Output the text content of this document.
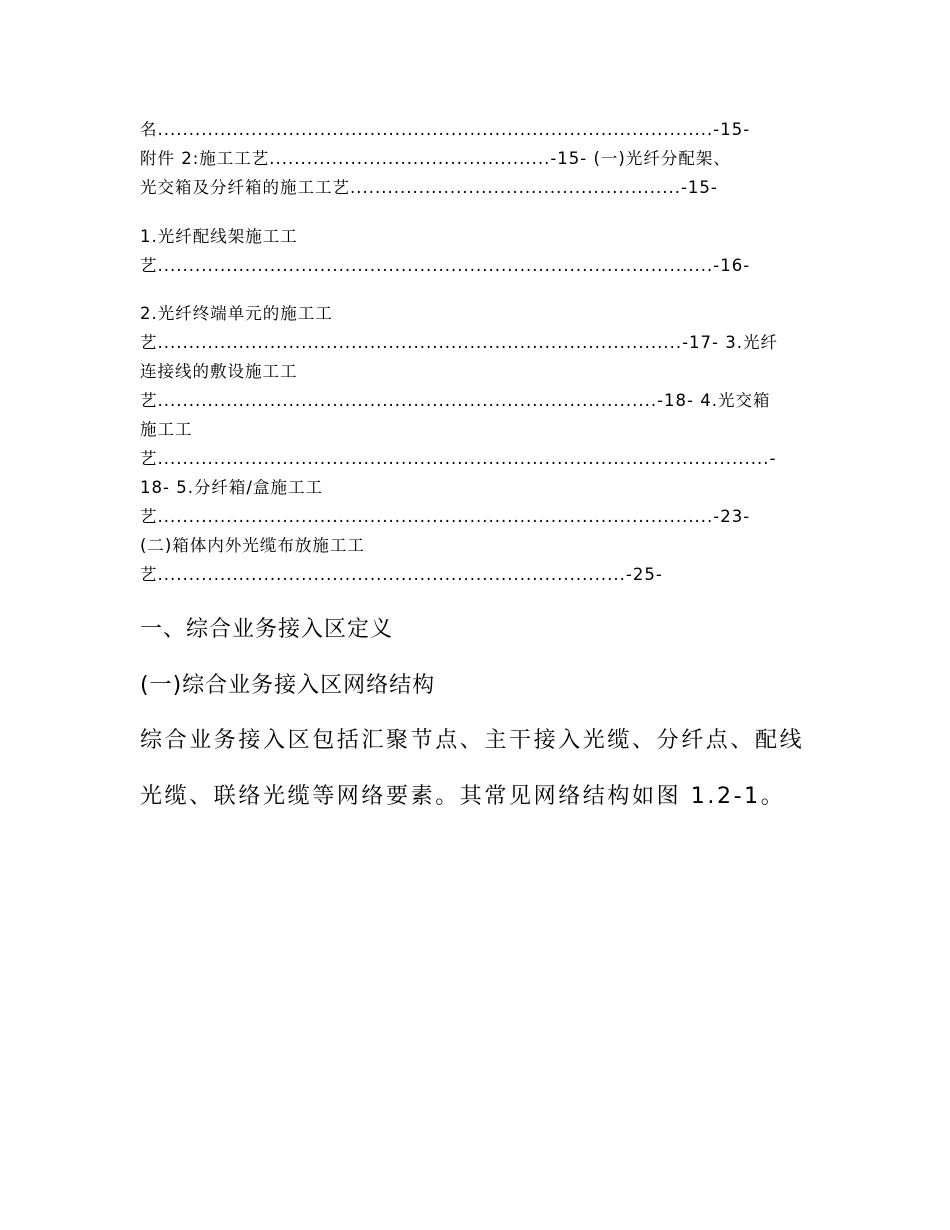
名.........................................................................................-15-
附件 2:施工工艺.............................................-15- (一)光纤分配架、
光交箱及分纤箱的施工工艺.....................................................-15-
1.光纤配线架施工工
艺.........................................................................................-16-
2.光纤终端单元的施工工
艺....................................................................................-17- 3.光纤
连接线的敷设施工工
艺................................................................................-18- 4.光交箱
施工工
艺..................................................................................................-
18- 5.分纤箱/盒施工工
艺.........................................................................................-23-
(二)箱体内外光缆布放施工工
艺...........................................................................-25-
一、综合业务接入区定义
(一)综合业务接入区网络结构
综合业务接入区包括汇聚节点、主干接入光缆、分纤点、配线
光缆、联络光缆等网络要素。其常见网络结构如图 1.2-1。
